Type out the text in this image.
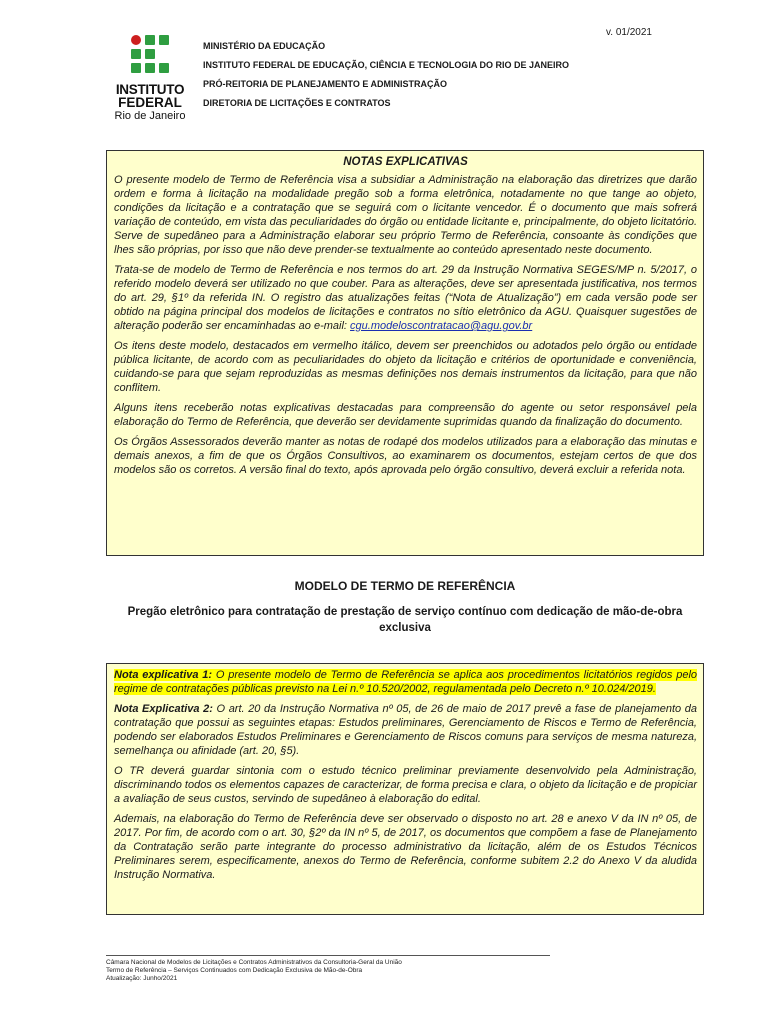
v. 01/2021
INSTITUTO
FEDERAL
Rio de Janeiro
MINISTÉRIO DA EDUCAÇÃO
INSTITUTO FEDERAL DE EDUCAÇÃO, CIÊNCIA E TECNOLOGIA DO RIO DE JANEIRO
PRÓ-REITORIA DE PLANEJAMENTO E ADMINISTRAÇÃO
DIRETORIA DE LICITAÇÕES E CONTRATOS
NOTAS EXPLICATIVAS

O presente modelo de Termo de Referência visa a subsidiar a Administração na elaboração das diretrizes que darão ordem e forma à licitação na modalidade pregão sob a forma eletrônica, notadamente no que tange ao objeto, condições da licitação e a contratação que se seguirá com o licitante vencedor. É o documento que mais sofrerá variação de conteúdo, em vista das peculiaridades do órgão ou entidade licitante e, principalmente, do objeto licitatório. Serve de supedâneo para a Administração elaborar seu próprio Termo de Referência, consoante às condições que lhes são próprias, por isso que não deve prender-se textualmente ao conteúdo apresentado neste documento.

Trata-se de modelo de Termo de Referência e nos termos do art. 29 da Instrução Normativa SEGES/MP n. 5/2017, o referido modelo deverá ser utilizado no que couber. Para as alterações, deve ser apresentada justificativa, nos termos do art. 29, §1º da referida IN. O registro das atualizações feitas (“Nota de Atualização”) em cada versão pode ser obtido na página principal dos modelos de licitações e contratos no sítio eletrônico da AGU. Quaisquer sugestões de alteração poderão ser encaminhadas ao e-mail: cgu.modeloscontratacao@agu.gov.br

Os itens deste modelo, destacados em vermelho itálico, devem ser preenchidos ou adotados pelo órgão ou entidade pública licitante, de acordo com as peculiaridades do objeto da licitação e critérios de oportunidade e conveniência, cuidando-se para que sejam reproduzidas as mesmas definições nos demais instrumentos da licitação, para que não conflitem.

Alguns itens receberão notas explicativas destacadas para compreensão do agente ou setor responsável pela elaboração do Termo de Referência, que deverão ser devidamente suprimidas quando da finalização do documento.

Os Órgãos Assessorados deverão manter as notas de rodapé dos modelos utilizados para a elaboração das minutas e demais anexos, a fim de que os Órgãos Consultivos, ao examinarem os documentos, estejam certos de que dos modelos são os corretos. A versão final do texto, após aprovada pelo órgão consultivo, deverá excluir a referida nota.

MODELO DE TERMO DE REFERÊNCIA
Pregão eletrônico para contratação de prestação de serviço contínuo com dedicação de mão-de-obra exclusiva

Nota explicativa 1: O presente modelo de Termo de Referência se aplica aos procedimentos licitatórios regidos pelo regime de contratações públicas previsto na Lei n.º 10.520/2002, regulamentada pelo Decreto n.º 10.024/2019.

Nota Explicativa 2: O art. 20 da Instrução Normativa nº 05, de 26 de maio de 2017 prevê a fase de planejamento da contratação que possui as seguintes etapas: Estudos preliminares, Gerenciamento de Riscos e Termo de Referência, podendo ser elaborados Estudos Preliminares e Gerenciamento de Riscos comuns para serviços de mesma natureza, semelhança ou afinidade (art. 20, §5).

O TR deverá guardar sintonia com o estudo técnico preliminar previamente desenvolvido pela Administração, discriminando todos os elementos capazes de caracterizar, de forma precisa e clara, o objeto da licitação e de propiciar a avaliação de seus custos, servindo de supedâneo à elaboração do edital.

Ademais, na elaboração do Termo de Referência deve ser observado o disposto no art. 28 e anexo V da IN nº 05, de 2017. Por fim, de acordo com o art. 30, §2º da IN nº 5, de 2017, os documentos que compõem a fase de Planejamento da Contratação serão parte integrante do processo administrativo da licitação, além de os Estudos Técnicos Preliminares serem, especificamente, anexos do Termo de Referência, conforme subitem 2.2 do Anexo V da aludida Instrução Normativa.

Câmara Nacional de Modelos de Licitações e Contratos Administrativos da Consultoria-Geral da União
Termo de Referência – Serviços Continuados com Dedicação Exclusiva de Mão-de-Obra
Atualização: Junho/2021
